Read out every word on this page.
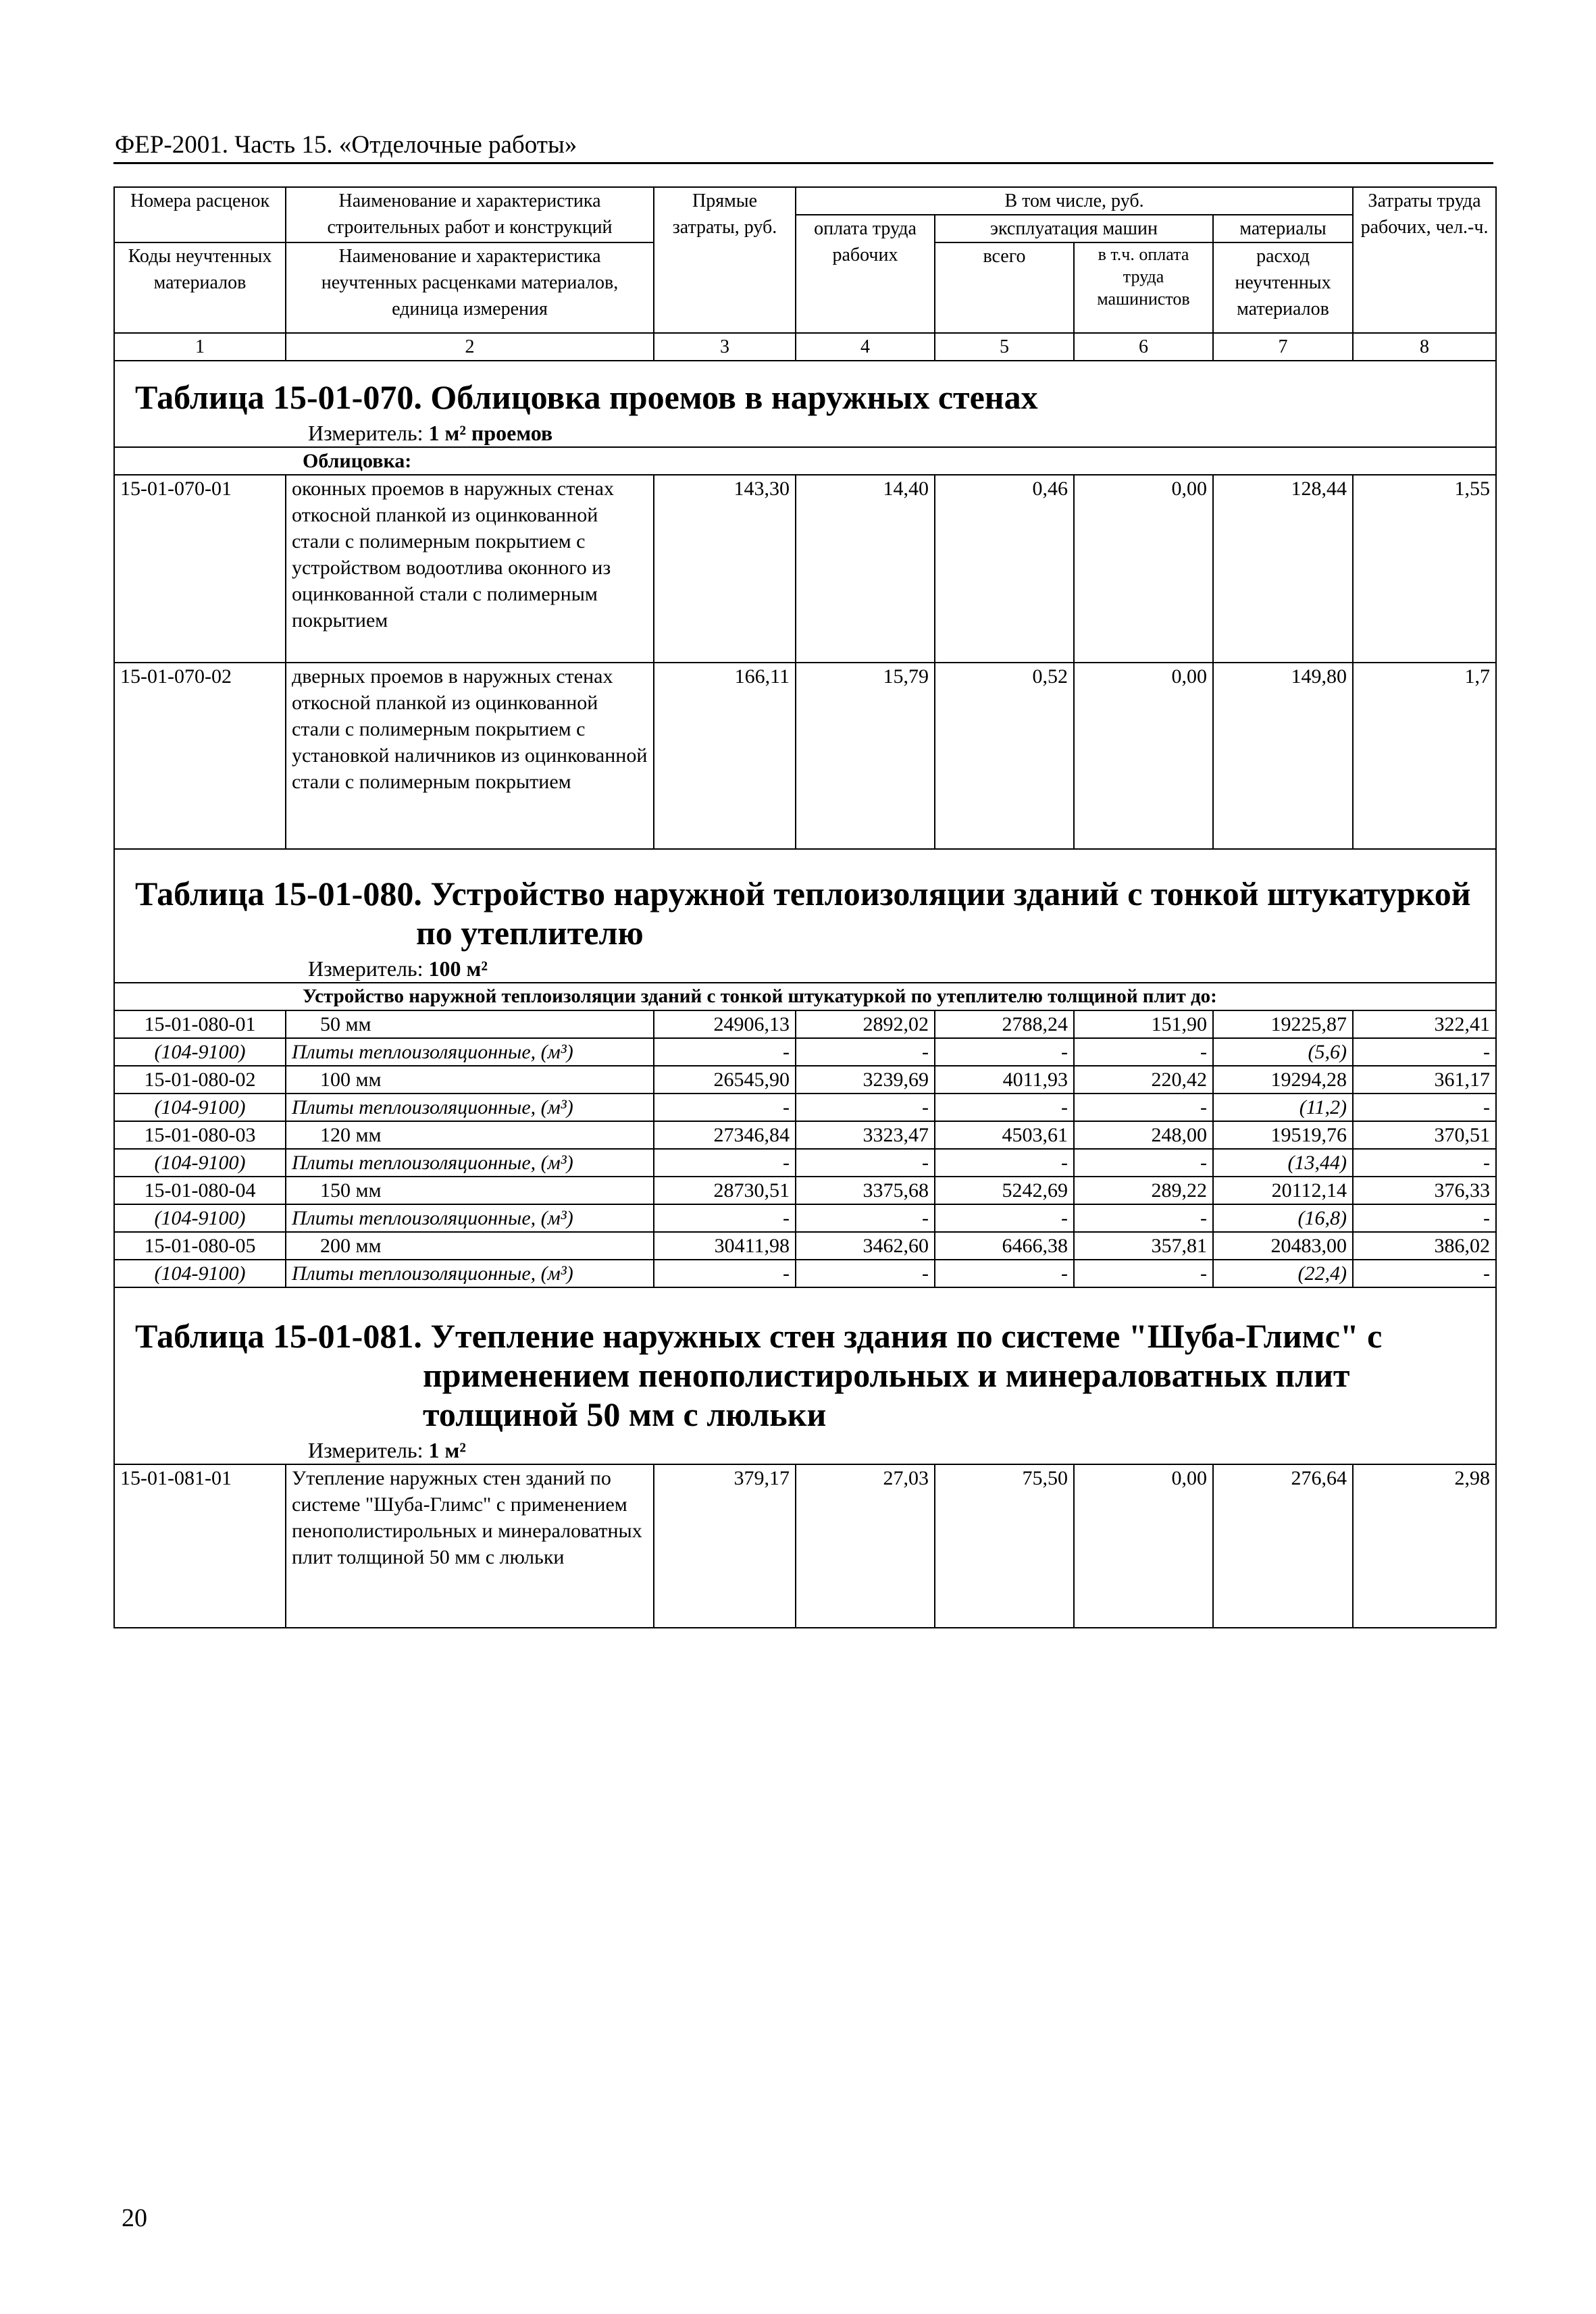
ФЕР-2001. Часть 15. «Отделочные работы»
Номера расценок	Наименование и характеристика строительных работ и конструкций	Прямые затраты, руб.	В том числе, руб.				Затраты труда рабочих, чел.-ч.
			оплата труда рабочих	эксплуатация машин		материалы	
Коды неучтенных материалов	Наименование и характеристика неучтенных расценками материалов, единица измерения			всего	в т.ч. оплата труда машинистов	расход неучтенных материалов	

1	2	3	4	5	6	7	8

Таблица 15-01-070. Облицовка проемов в наружных стенах
Измеритель: 1 м² проемов							

Облицовка:							
15-01-070-01	оконных проемов в наружных стенах откосной планкой из оцинкованной стали с полимерным покрытием с устройством водоотлива оконного из оцинкованной стали с полимерным покрытием	143,30	14,40	0,46	0,00	128,44	1,55
15-01-070-02	дверных проемов в наружных стенах откосной планкой из оцинкованной стали с полимерным покрытием с установкой наличников из оцинкованной стали с полимерным покрытием	166,11	15,79	0,52	0,00	149,80	1,7

Таблица 15-01-080. Устройство наружной теплоизоляции зданий с тонкой штукатуркой
по утеплителю
Измеритель: 100 м²							

Устройство наружной теплоизоляции зданий с тонкой штукатуркой по утеплителю толщиной плит до:							
15-01-080-01	50 мм	24906,13	2892,02	2788,24	151,90	19225,87	322,41
(104-9100)	Плиты теплоизоляционные, (м³)	-	-	-	-	(5,6)	-
15-01-080-02	100 мм	26545,90	3239,69	4011,93	220,42	19294,28	361,17
(104-9100)	Плиты теплоизоляционные, (м³)	-	-	-	-	(11,2)	-
15-01-080-03	120 мм	27346,84	3323,47	4503,61	248,00	19519,76	370,51
(104-9100)	Плиты теплоизоляционные, (м³)	-	-	-	-	(13,44)	-
15-01-080-04	150 мм	28730,51	3375,68	5242,69	289,22	20112,14	376,33
(104-9100)	Плиты теплоизоляционные, (м³)	-	-	-	-	(16,8)	-
15-01-080-05	200 мм	30411,98	3462,60	6466,38	357,81	20483,00	386,02
(104-9100)	Плиты теплоизоляционные, (м³)	-	-	-	-	(22,4)	-

Таблица 15-01-081. Утепление наружных стен здания по системе "Шуба-Глимс" с
применением пенополистирольных и минераловатных плит
толщиной 50 мм с люльки
Измеритель: 1 м²							

15-01-081-01	Утепление наружных стен зданий по системе "Шуба-Глимс" с применением пенополистирольных и минераловатных плит толщиной 50 мм с люльки	379,17	27,03	75,50	0,00	276,64	2,98
20
